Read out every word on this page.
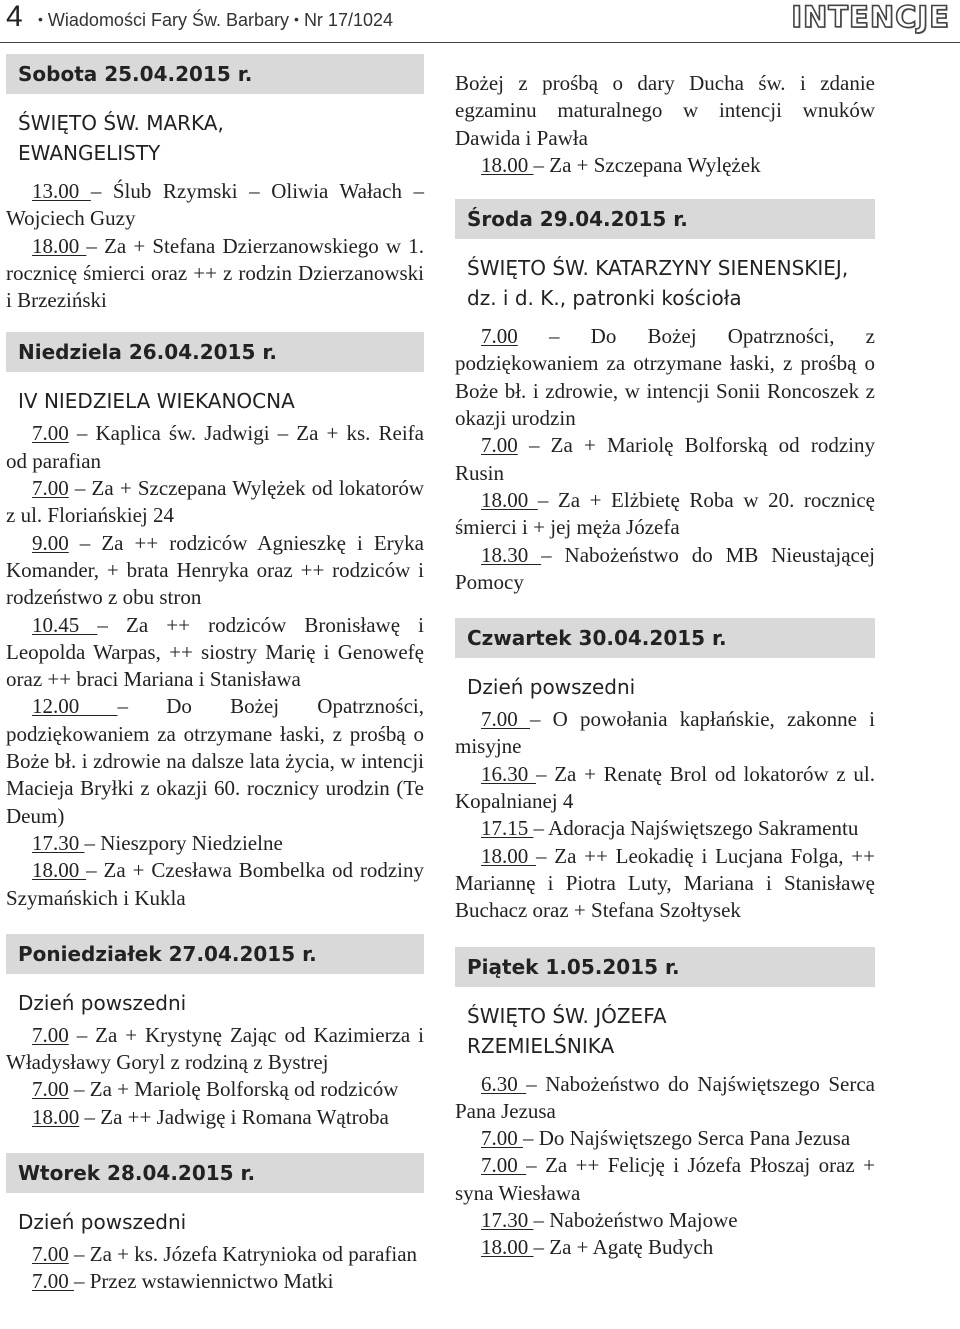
4 • Wiadomości Fary Św. Barbary • Nr 17/1024	INTENCJE
Sobota 25.04.2015 r.
ŚWIĘTO ŚW. MARKA, EWANGELISTY

13.00 – Ślub Rzymski – Oliwia Wałach – Wojciech Guzy

18.00 – Za + Stefana Dzierzanowskiego w 1. rocznicę śmierci oraz ++ z rodzin Dzierzanowski i Brzeziński

Niedziela 26.04.2015 r.
IV NIEDZIELA WIEKANOCNA

7.00 – Kaplica św. Jadwigi – Za + ks. Reifa od parafian

7.00 – Za + Szczepana Wylężek od lokatorów z ul. Floriańskiej 24

9.00 – Za ++ rodziców Agnieszkę i Eryka Komander, + brata Henryka oraz ++ rodziców i rodzeństwo z obu stron

10.45 – Za ++ rodziców Bronisławę i Leopolda Warpas, ++ siostry Marię i Genowefę oraz ++ braci Mariana i Stanisława

12.00 – Do Bożej Opatrzności, podziękowaniem za otrzymane łaski, z prośbą o Boże bł. i zdrowie na dalsze lata życia, w intencji Macieja Bryłki z okazji 60. rocznicy urodzin (Te Deum)

17.30 – Nieszpory Niedzielne

18.00 – Za + Czesława Bombelka od rodziny Szymańskich i Kukla

Poniedziałek 27.04.2015 r.
Dzień powszedni

7.00 – Za + Krystynę Zając od Kazimierza i Władysławy Goryl z rodziną z Bystrej

7.00 – Za + Mariolę Bolforską od rodziców

18.00 – Za ++ Jadwigę i Romana Wątroba

Wtorek 28.04.2015 r.
Dzień powszedni

7.00 – Za + ks. Józefa Katrynioka od parafian

7.00 – Przez wstawiennictwo Matki

Bożej z prośbą o dary Ducha św. i zdanie egzaminu maturalnego w intencji wnuków Dawida i Pawła

18.00 – Za + Szczepana Wylężek

Środa 29.04.2015 r.
ŚWIĘTO ŚW. KATARZYNY SIENENSKIEJ, dz. i d. K., patronki kościoła

7.00 – Do Bożej Opatrzności, z podziękowaniem za otrzymane łaski, z prośbą o Boże bł. i zdrowie, w intencji Sonii Roncoszek z okazji urodzin

7.00 – Za + Mariolę Bolforską od rodziny Rusin

18.00 – Za + Elżbietę Roba w 20. rocznicę śmierci i + jej męża Józefa

18.30 – Nabożeństwo do MB Nieustającej Pomocy

Czwartek 30.04.2015 r.
Dzień powszedni

7.00 – O powołania kapłańskie, zakonne i misyjne

16.30 – Za + Renatę Brol od lokatorów z ul. Kopalnianej 4

17.15 – Adoracja Najświętszego Sakramentu

18.00 – Za ++ Leokadię i Lucjana Folga, ++ Mariannę i Piotra Luty, Mariana i Stanisławę Buchacz oraz + Stefana Szołtysek

Piątek 1.05.2015 r.
ŚWIĘTO ŚW. JÓZEFA RZEMIELŚNIKA

6.30 – Nabożeństwo do Najświętszego Serca Pana Jezusa

7.00 – Do Najświętszego Serca Pana Jezusa

7.00 – Za ++ Felicję i Józefa Płoszaj oraz + syna Wiesława

17.30 – Nabożeństwo Majowe

18.00 – Za + Agatę Budych
